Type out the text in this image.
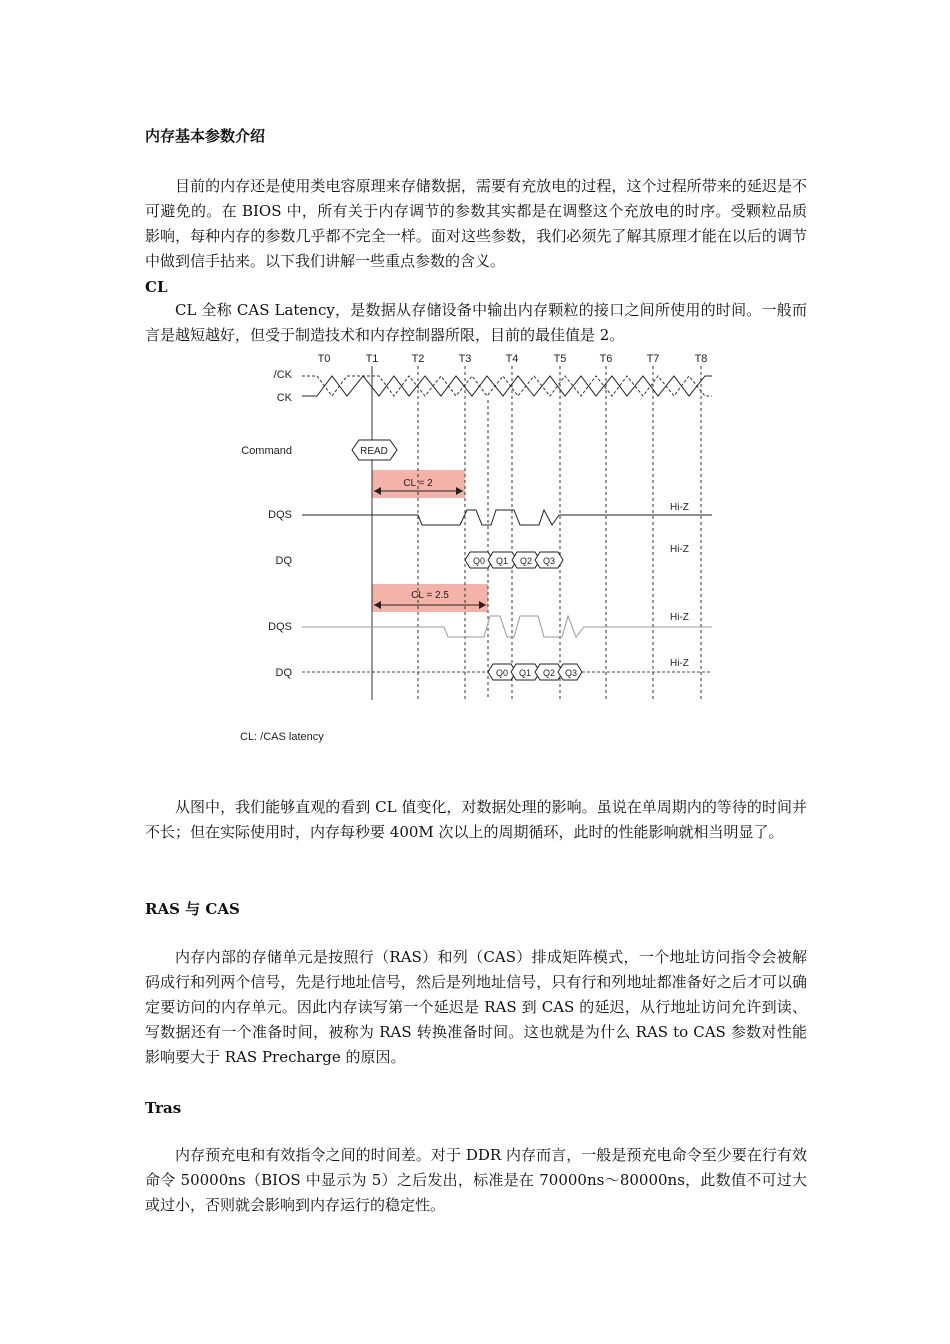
内存基本参数介绍

目前的内存还是使用类电容原理来存储数据，需要有充放电的过程，这个过程所带来的延迟是不可避免的。在 BIOS 中，所有关于内存调节的参数其实都是在调整这个充放电的时序。受颗粒品质影响，每种内存的参数几乎都不完全一样。面对这些参数，我们必须先了解其原理才能在以后的调节中做到信手拈来。以下我们讲解一些重点参数的含义。

CL

CL 全称 CAS Latency，是数据从存储设备中输出内存颗粒的接口之间所使用的时间。一般而言是越短越好，但受于制造技术和内存控制器所限，目前的最佳值是 2。

从图中，我们能够直观的看到 CL 值变化，对数据处理的影响。虽说在单周期内的等待的时间并不长；但在实际使用时，内存每秒要 400M 次以上的周期循环，此时的性能影响就相当明显了。

RAS 与 CAS

内存内部的存储单元是按照行（RAS）和列（CAS）排成矩阵模式，一个地址访问指令会被解码成行和列两个信号，先是行地址信号，然后是列地址信号，只有行和列地址都准备好之后才可以确定要访问的内存单元。因此内存读写第一个延迟是 RAS 到 CAS 的延迟，从行地址访问允许到读、写数据还有一个准备时间，被称为 RAS 转换准备时间。这也就是为什么 RAS to CAS 参数对性能影响要大于 RAS Precharge 的原因。

Tras

内存预充电和有效指令之间的时间差。对于 DDR 内存而言，一般是预充电命令至少要在行有效命令 50000ns（BIOS 中显示为 5）之后发出，标准是在 70000ns～80000ns，此数值不可过大或过小，否则就会影响到内存运行的稳定性。

T0	T1	T2	T3	T4	T5	T6	T7	T8
/CK
CK
Command
DQS
DQ
DQS
DQ
READ
CL = 2
Hi-Z
Q0 Q1 Q2 Q3
Hi-Z
CL = 2.5
Hi-Z
Q0 Q1 Q2 Q3
Hi-Z
CL: /CAS latency
